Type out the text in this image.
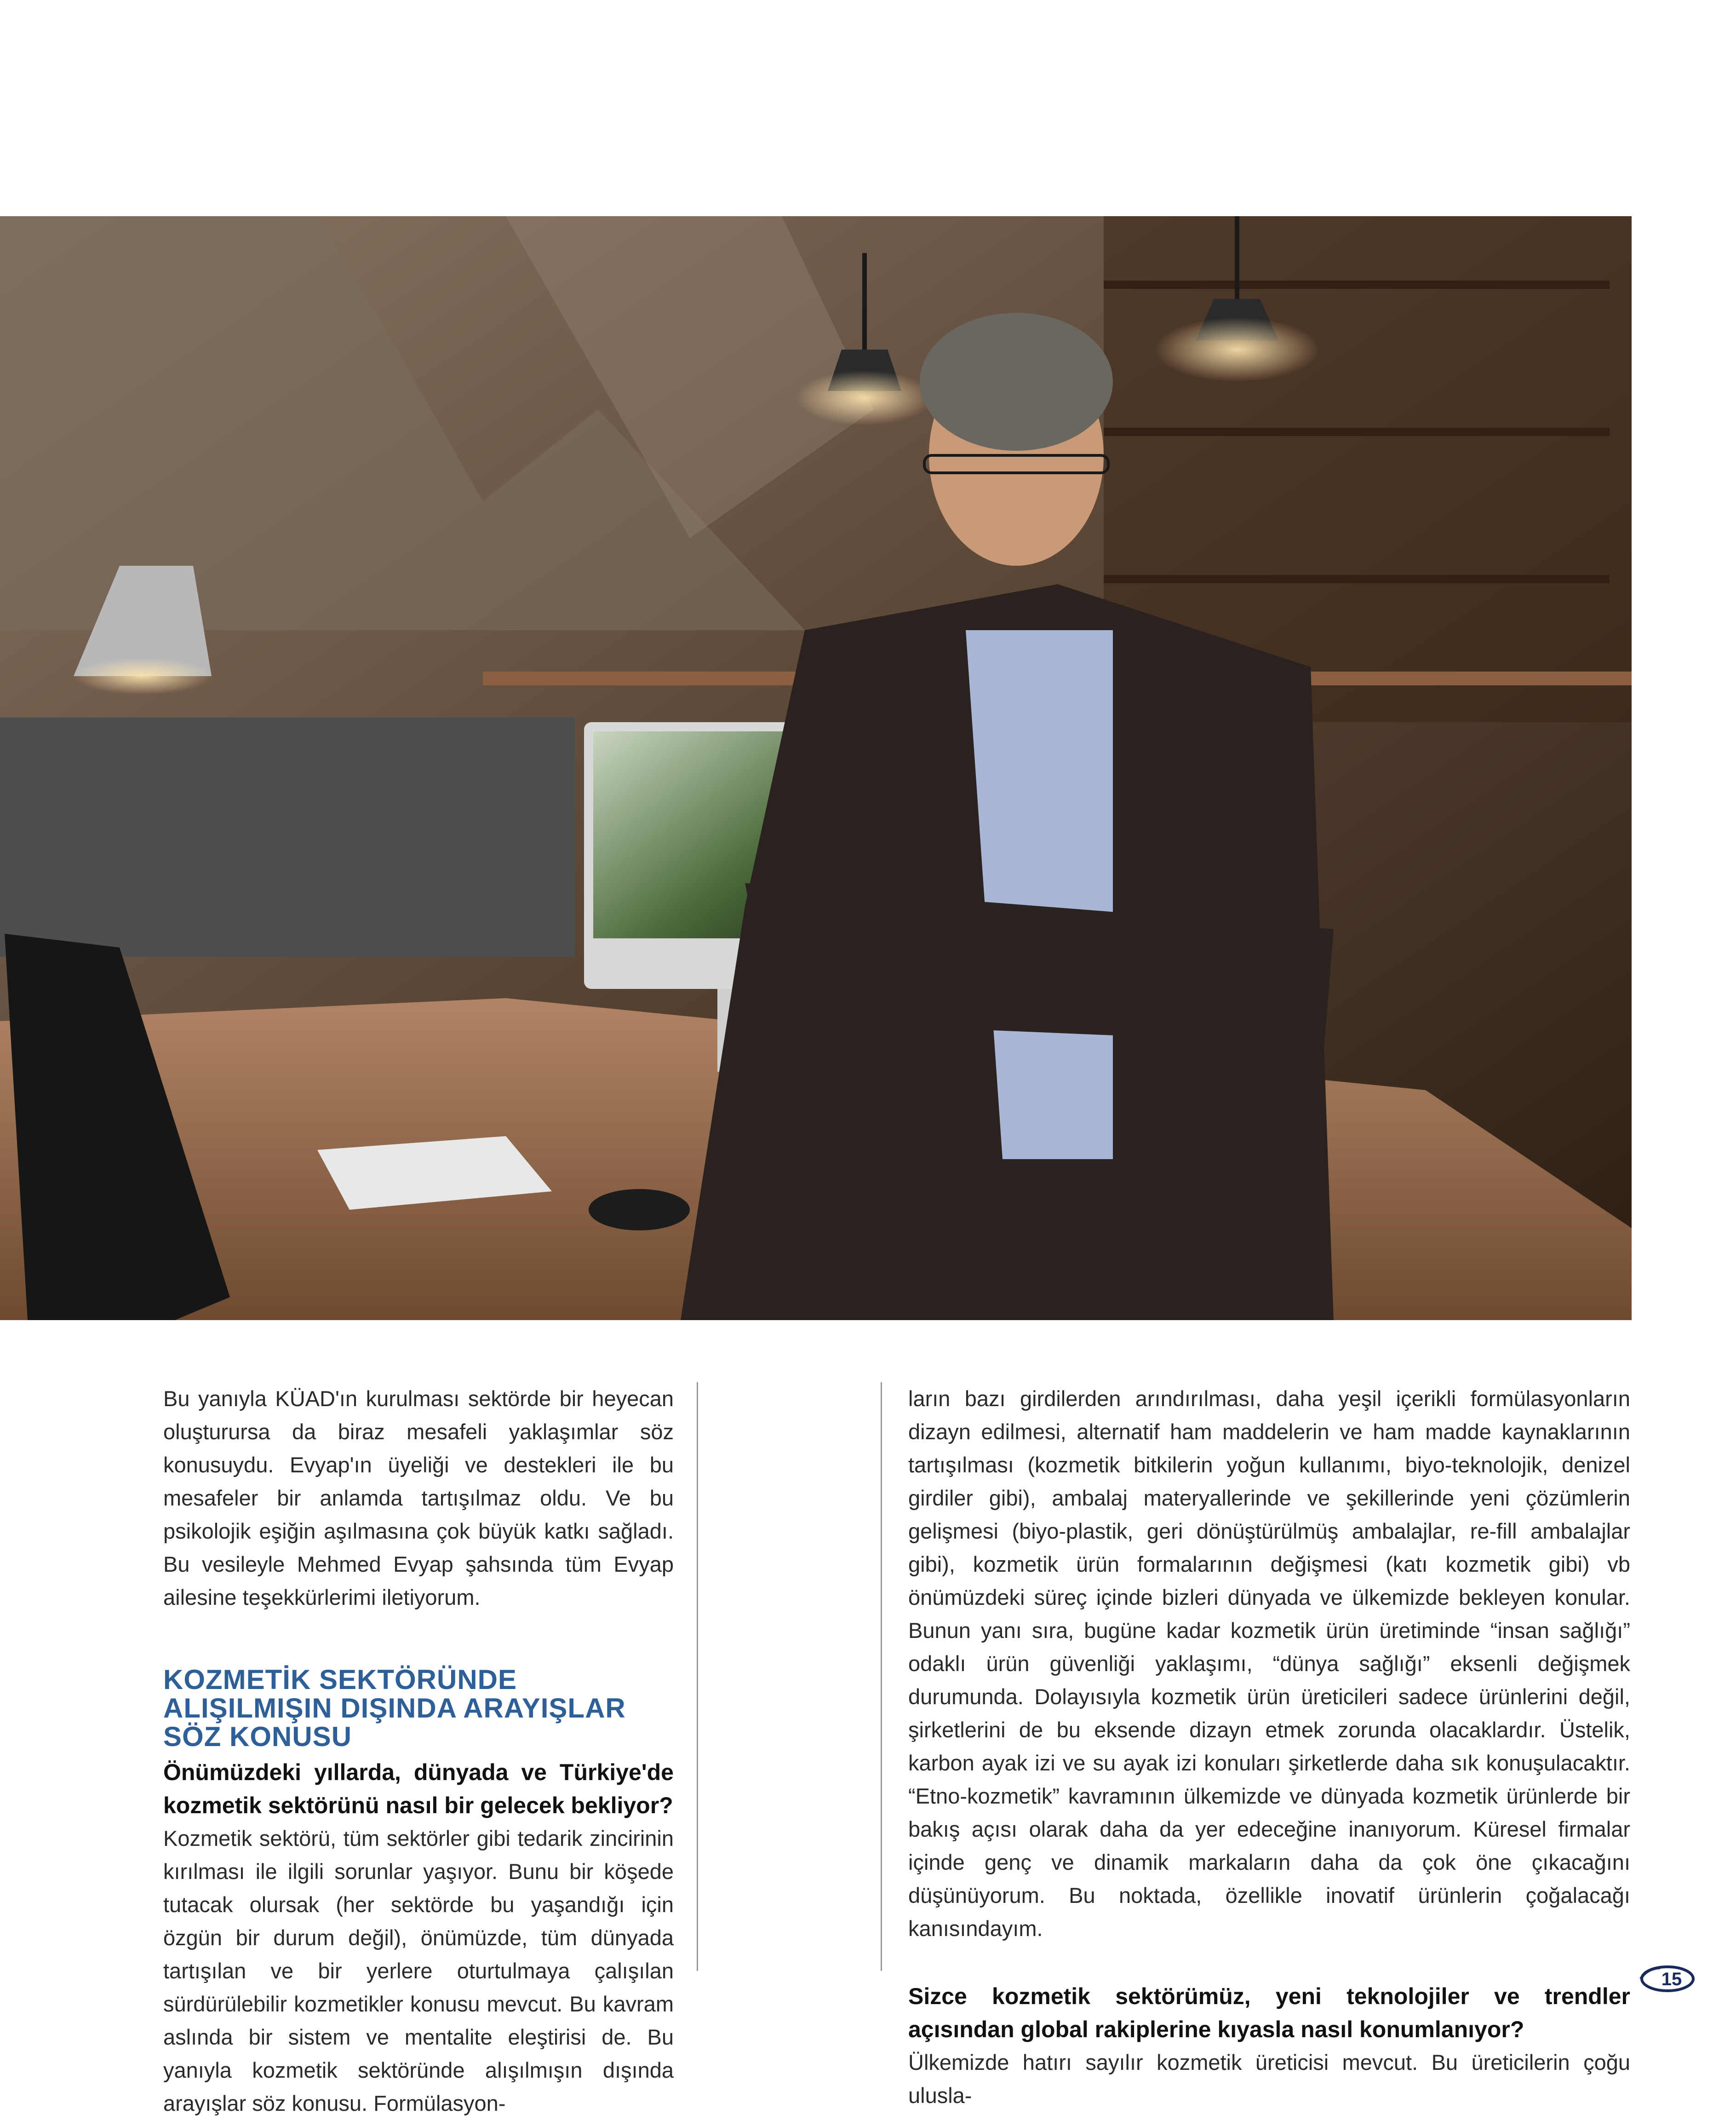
Bu yanıyla KÜAD'ın kurulması sektörde bir heyecan oluşturursa da biraz mesafeli yaklaşımlar söz konusuydu. Evyap'ın üyeliği ve destekleri ile bu mesafeler bir anlamda tartışılmaz oldu. Ve bu psikolojik eşiğin aşılmasına çok büyük katkı sağladı. Bu vesileyle Mehmed Evyap şahsında tüm Evyap ailesine teşekkürlerimi iletiyorum.

KOZMETİK SEKTÖRÜNDE ALIŞILMIŞIN DIŞINDA ARAYIŞLAR SÖZ KONUSU

Önümüzdeki yıllarda, dünyada ve Türkiye'de kozmetik sektörünü nasıl bir gelecek bekliyor?

Kozmetik sektörü, tüm sektörler gibi tedarik zincirinin kırılması ile ilgili sorunlar yaşıyor. Bunu bir köşede tutacak olursak (her sektörde bu yaşandığı için özgün bir durum değil), önümüzde, tüm dünyada tartışılan ve bir yerlere oturtulmaya çalışılan sürdürülebilir kozmetikler konusu mevcut. Bu kavram aslında bir sistem ve mentalite eleştirisi de. Bu yanıyla kozmetik sektöründe alışılmışın dışında arayışlar söz konusu. Formülasyon-

ların bazı girdilerden arındırılması, daha yeşil içerikli formülasyonların dizayn edilmesi, alternatif ham maddelerin ve ham madde kaynaklarının tartışılması (kozmetik bitkilerin yoğun kullanımı, biyo-teknolojik, denizel girdiler gibi), ambalaj materyallerinde ve şekillerinde yeni çözümlerin gelişmesi (biyo-plastik, geri dönüştürülmüş ambalajlar, re-fill ambalajlar gibi), kozmetik ürün formalarının değişmesi (katı kozmetik gibi) vb önümüzdeki süreç içinde bizleri dünyada ve ülkemizde bekleyen konular. Bunun yanı sıra, bugüne kadar kozmetik ürün üretiminde “insan sağlığı” odaklı ürün güvenliği yaklaşımı, “dünya sağlığı” eksenli değişmek durumunda. Dolayısıyla kozmetik ürün üreticileri sadece ürünlerini değil, şirketlerini de bu eksende dizayn etmek zorunda olacaklardır. Üstelik, karbon ayak izi ve su ayak izi konuları şirketlerde daha sık konuşulacaktır. “Etno-kozmetik” kavramının ülkemizde ve dünyada kozmetik ürünlerde bir bakış açısı olarak daha da yer edeceğine inanıyorum. Küresel firmalar içinde genç ve dinamik markaların daha da çok öne çıkacağını düşünüyorum. Bu noktada, özellikle inovatif ürünlerin çoğalacağı kanısındayım.

Sizce kozmetik sektörümüz, yeni teknolojiler ve trendler açısından global rakiplerine kıyasla nasıl konumlanıyor?

Ülkemizde hatırı sayılır kozmetik üreticisi mevcut. Bu üreticilerin çoğu ulusla-

15
